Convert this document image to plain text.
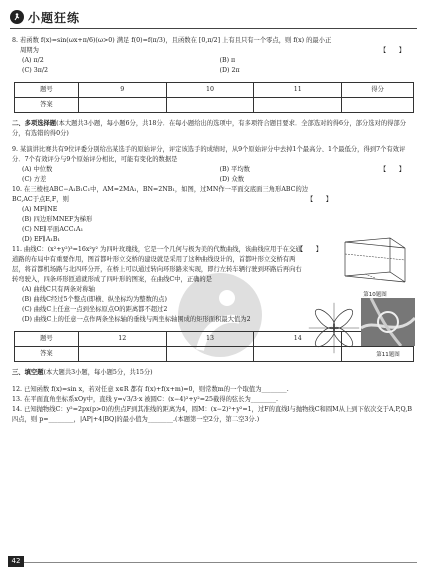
小题狂练

8. 若函数 f(x)=sin(ωx+π/6)(ω>0) 满足 f(0)=f(π/3)，且函数在 [0,π/2] 上有且只有一个零点，则 f(x) 的最小正

周期为	【　　】

(A) π/2	(B) π
(C) 3π/2	(D) 2π
题号	9	10	11	得分
答案				

二、多项选择题(本大题共3小题，每小题6分，共18分．在每小题给出的选项中，有多项符合题目要求．全部选对的得6分，部分选对的得部分分，有选错的得0分)

9. 某演讲比赛共有9位评委分别给出某选手的原始评分，评定该选手的成绩时，从9个原始评分中去掉1个最高分、1个最低分，得到7个有效评分．7个有效评分与9个原始评分相比，可能有变化的数据是

【　　】
(A) 中位数	(B) 平均数
(C) 方差	(D) 众数

10. 在三棱柱ABC−A₁B₁C₁中，AM=2MA₁，BN=2NB₁，如图，过MN作一平面交底面三角形ABC的边BC,AC于点E,F，则	【　　】
(A) MF∥NE
(B) 四边形MNEF为梯形
(C) NE∥平面ACC₁A₁
(D) EF∥A₁B₁

11. 曲线C：(x²+y²)³=16x²y² 为四叶玫瑰线，它是一个几何与极为美的代数曲线，该曲线应用于在交通道路的布局中有重要作用，图首都叶形立交桥的建设就是采用了这种曲线设计的，首都叶形立交桥有两层，将首都机场路与北四环分开，在桥上可以通过转向环形路来实现，即行左转车辆行驶到环路后再向右转弯驶入，四条环形匝道就形成了四叶形的图案，在曲线C中，正确的是

【　　】
(A) 曲线C只有两条对称轴
(B) 曲线C经过5个整点(即横、纵坐标均为整数的点)
(C) 曲线C上任意一点到坐标原点O的距离都不超过2
(D) 曲线C上的任意一点作两条坐标轴的垂线与两坐标轴围成的矩形面积最大值为2
题号	12	13	14	
答案				

三、填空题(本大题共3小题，每小题5分，共15分)

12. 已知函数 f(x)=sin x，若对任意 x∈R 都有 f(x)+f(x+m)=0，则常数m的一个取值为________.

13. 在平面直角坐标系xOy中，直线 y=√3/3·x 被圆C：(x−4)²+y²=25截得的弦长为________.

14. 已知抛物线C：y²=2px(p>0)的焦点F到其准线的距离为4，圆M：(x−2)²+y²=1，过F的直线l与抛物线C和圆M从上到下依次交于A,P,Q,B四点，则 p=________，|AP|+4|BQ|的最小值为________.(本题第一空2分，第二空3分.)

第10题图
第11题图
42
